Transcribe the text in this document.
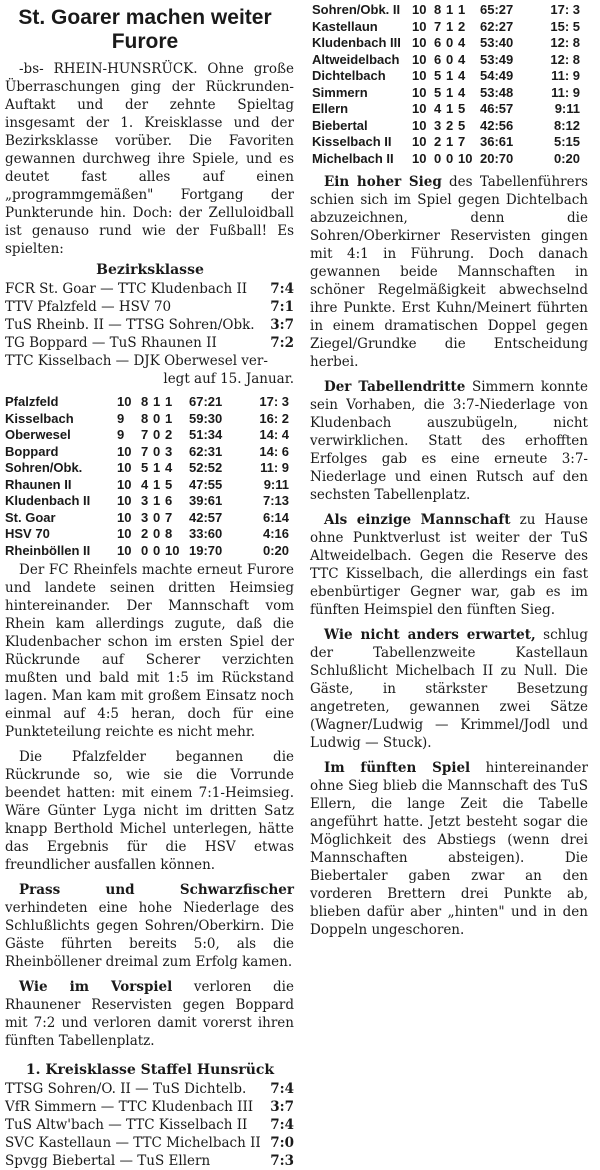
St. Goarer machen weiter Furore

-bs- RHEIN-HUNSRÜCK. Ohne große Überraschungen ging der Rückrunden-Auftakt und der zehnte Spieltag insgesamt der 1. Kreisklasse und der Bezirksklasse vorüber. Die Favoriten gewannen durchweg ihre Spiele, und es deutet fast alles auf einen „programmgemäßen" Fortgang der Punkterunde hin. Doch: der Zelluloidball ist genauso rund wie der Fußball! Es spielten:

Bezirksklasse

FCR St. Goar — TTC Kludenbach II 7:4
TTV Pfalzfeld — HSV 70	7:1
TuS Rheinb. II — TTSG Sohren/Obk. 3:7
TG Boppard — TuS Rhaunen II	7:2
TTC Kisselbach — DJK Oberwesel ver-
legt auf 15. Januar.
Pfalzfeld	10	8	1	1	67:21	17: 3
Kisselbach	9	8	0	1	59:30	16: 2
Oberwesel	9	7	0	2	51:34	14: 4
Boppard	10	7	0	3	62:31	14: 6
Sohren/Obk.	10	5	1	4	52:52	11: 9
Rhaunen II	10	4	1	5	47:55	9:11
Kludenbach II	10	3	1	6	39:61	7:13
St. Goar	10	3	0	7	42:57	6:14
HSV 70	10	2	0	8	33:60	4:16
Rheinböllen II	10	0	0	10	19:70	0:20

Der FC Rheinfels machte erneut Furore und landete seinen dritten Heimsieg hintereinander. Der Mannschaft vom Rhein kam allerdings zugute, daß die Kludenbacher schon im ersten Spiel der Rückrunde auf Scherer verzichten mußten und bald mit 1:5 im Rückstand lagen. Man kam mit großem Einsatz noch einmal auf 4:5 heran, doch für eine Punkteteilung reichte es nicht mehr.

Die Pfalzfelder begannen die Rückrunde so, wie sie die Vorrunde beendet hatten: mit einem 7:1-Heimsieg. Wäre Günter Lyga nicht im dritten Satz knapp Berthold Michel unterlegen, hätte das Ergebnis für die HSV etwas freundlicher ausfallen können.

Prass und Schwarzfischer verhindeten eine hohe Niederlage des Schlußlichts gegen Sohren/Oberkirn. Die Gäste führten bereits 5:0, als die Rheinböllener dreimal zum Erfolg kamen.

Wie im Vorspiel verloren die Rhaunener Reservisten gegen Boppard mit 7:2 und verloren damit vorerst ihren fünften Tabellenplatz.

1. Kreisklasse Staffel Hunsrück

TTSG Sohren/O. II — TuS Dichtelb. 7:4
VfR Simmern — TTC Kludenbach III 3:7
TuS Altw'bach — TTC Kisselbach II 7:4
SVC Kastellaun — TTC Michelbach II 7:0
Spvgg Biebertal — TuS Ellern	7:3
Sohren/Obk. II	10	8	1	1	65:27	17: 3
Kastellaun	10	7	1	2	62:27	15: 5
Kludenbach III	10	6	0	4	53:40	12: 8
Altweidelbach	10	6	0	4	53:49	12: 8
Dichtelbach	10	5	1	4	54:49	11: 9
Simmern	10	5	1	4	53:48	11: 9
Ellern	10	4	1	5	46:57	9:11
Biebertal	10	3	2	5	42:56	8:12
Kisselbach II	10	2	1	7	36:61	5:15
Michelbach II	10	0	0	10	20:70	0:20

Ein hoher Sieg des Tabellenführers schien sich im Spiel gegen Dichtelbach abzuzeichnen, denn die Sohren/Oberkirner Reservisten gingen mit 4:1 in Führung. Doch danach gewannen beide Mannschaften in schöner Regelmäßigkeit abwechselnd ihre Punkte. Erst Kuhn/Meinert führten in einem dramatischen Doppel gegen Ziegel/Grundke die Entscheidung herbei.

Der Tabellendritte Simmern konnte sein Vorhaben, die 3:7-Niederlage von Kludenbach auszubügeln, nicht verwirklichen. Statt des erhofften Erfolges gab es eine erneute 3:7-Niederlage und einen Rutsch auf den sechsten Tabellenplatz.

Als einzige Mannschaft zu Hause ohne Punktverlust ist weiter der TuS Altweidelbach. Gegen die Reserve des TTC Kisselbach, die allerdings ein fast ebenbürtiger Gegner war, gab es im fünften Heimspiel den fünften Sieg.

Wie nicht anders erwartet, schlug der Tabellenzweite Kastellaun Schlußlicht Michelbach II zu Null. Die Gäste, in stärkster Besetzung angetreten, gewannen zwei Sätze (Wagner/Ludwig — Krimmel/Jodl und Ludwig — Stuck).

Im fünften Spiel hintereinander ohne Sieg blieb die Mannschaft des TuS Ellern, die lange Zeit die Tabelle angeführt hatte. Jetzt besteht sogar die Möglichkeit des Abstiegs (wenn drei Mannschaften absteigen). Die Biebertaler gaben zwar an den vorderen Brettern drei Punkte ab, blieben dafür aber „hinten" und in den Doppeln ungeschoren.
